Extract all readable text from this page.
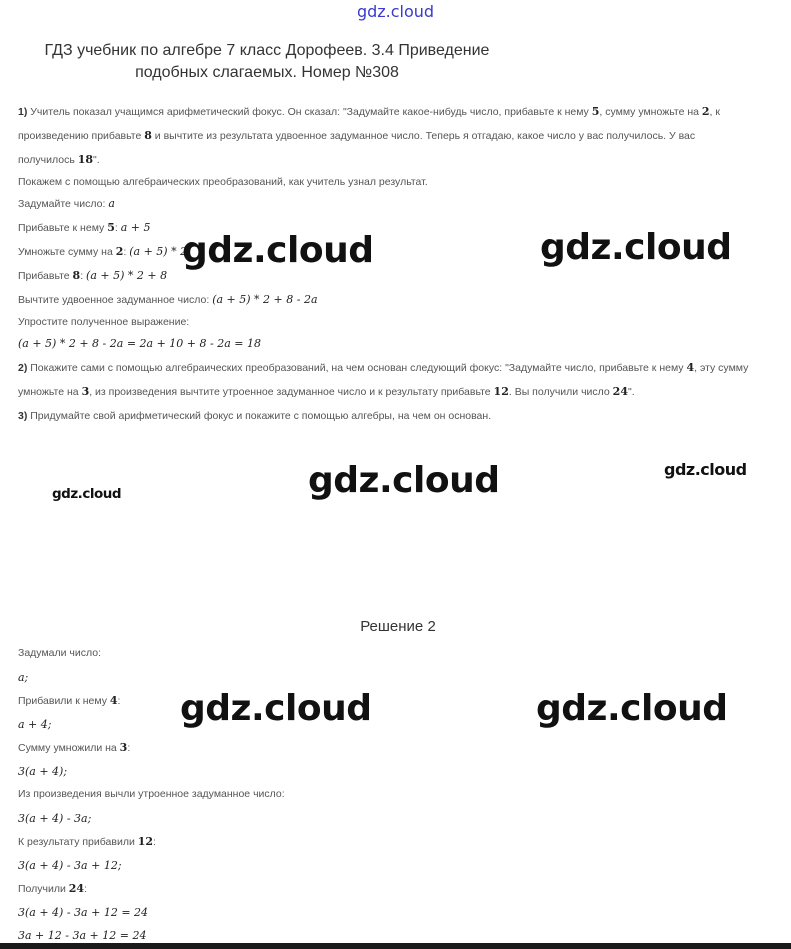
gdz.cloud
ГДЗ учебник по алгебре 7 класс Дорофеев. 3.4 Приведение
подобных слагаемых. Номер №308
1) Учитель показал учащимся арифметический фокус. Он сказал: "Задумайте какое-нибудь число, прибавьте к нему 5, сумму умножьте на 2, к
произведению прибавьте 8 и вычтите из результата удвоенное задуманное число. Теперь я отгадаю, какое число у вас получилось. У вас
получилось 18".
Покажем с помощью алгебраических преобразований, как учитель узнал результат.
Задумайте число: a
Прибавьте к нему 5: a + 5
Умножьте сумму на 2: (a + 5) * 2
Прибавьте 8: (a + 5) * 2 + 8
Вычтите удвоенное задуманное число: (a + 5) * 2 + 8 - 2a
Упростите полученное выражение:
(a + 5) * 2 + 8 - 2a = 2a + 10 + 8 - 2a = 18
2) Покажите сами с помощью алгебраических преобразований, на чем основан следующий фокус: "Задумайте число, прибавьте к нему 4, эту сумму
умножьте на 3, из произведения вычтите утроенное задуманное число и к результату прибавьте 12. Вы получили число 24".
3) Придумайте свой арифметический фокус и покажите с помощью алгебры, на чем он основан.
gdz.cloud	gdz.cloud
gdz.cloud	gdz.cloud
gdz.cloud
gdz.cloud	gdz.cloud
Решение 2
Задумали число:
a;
Прибавили к нему 4:
a + 4;
Сумму умножили на 3:
3(a + 4);
Из произведения вычли утроенное задуманное число:
3(a + 4) - 3a;
К результату прибавили 12:
3(a + 4) - 3a + 12;
Получили 24:
3(a + 4) - 3a + 12 = 24
3a + 12 - 3a + 12 = 24
